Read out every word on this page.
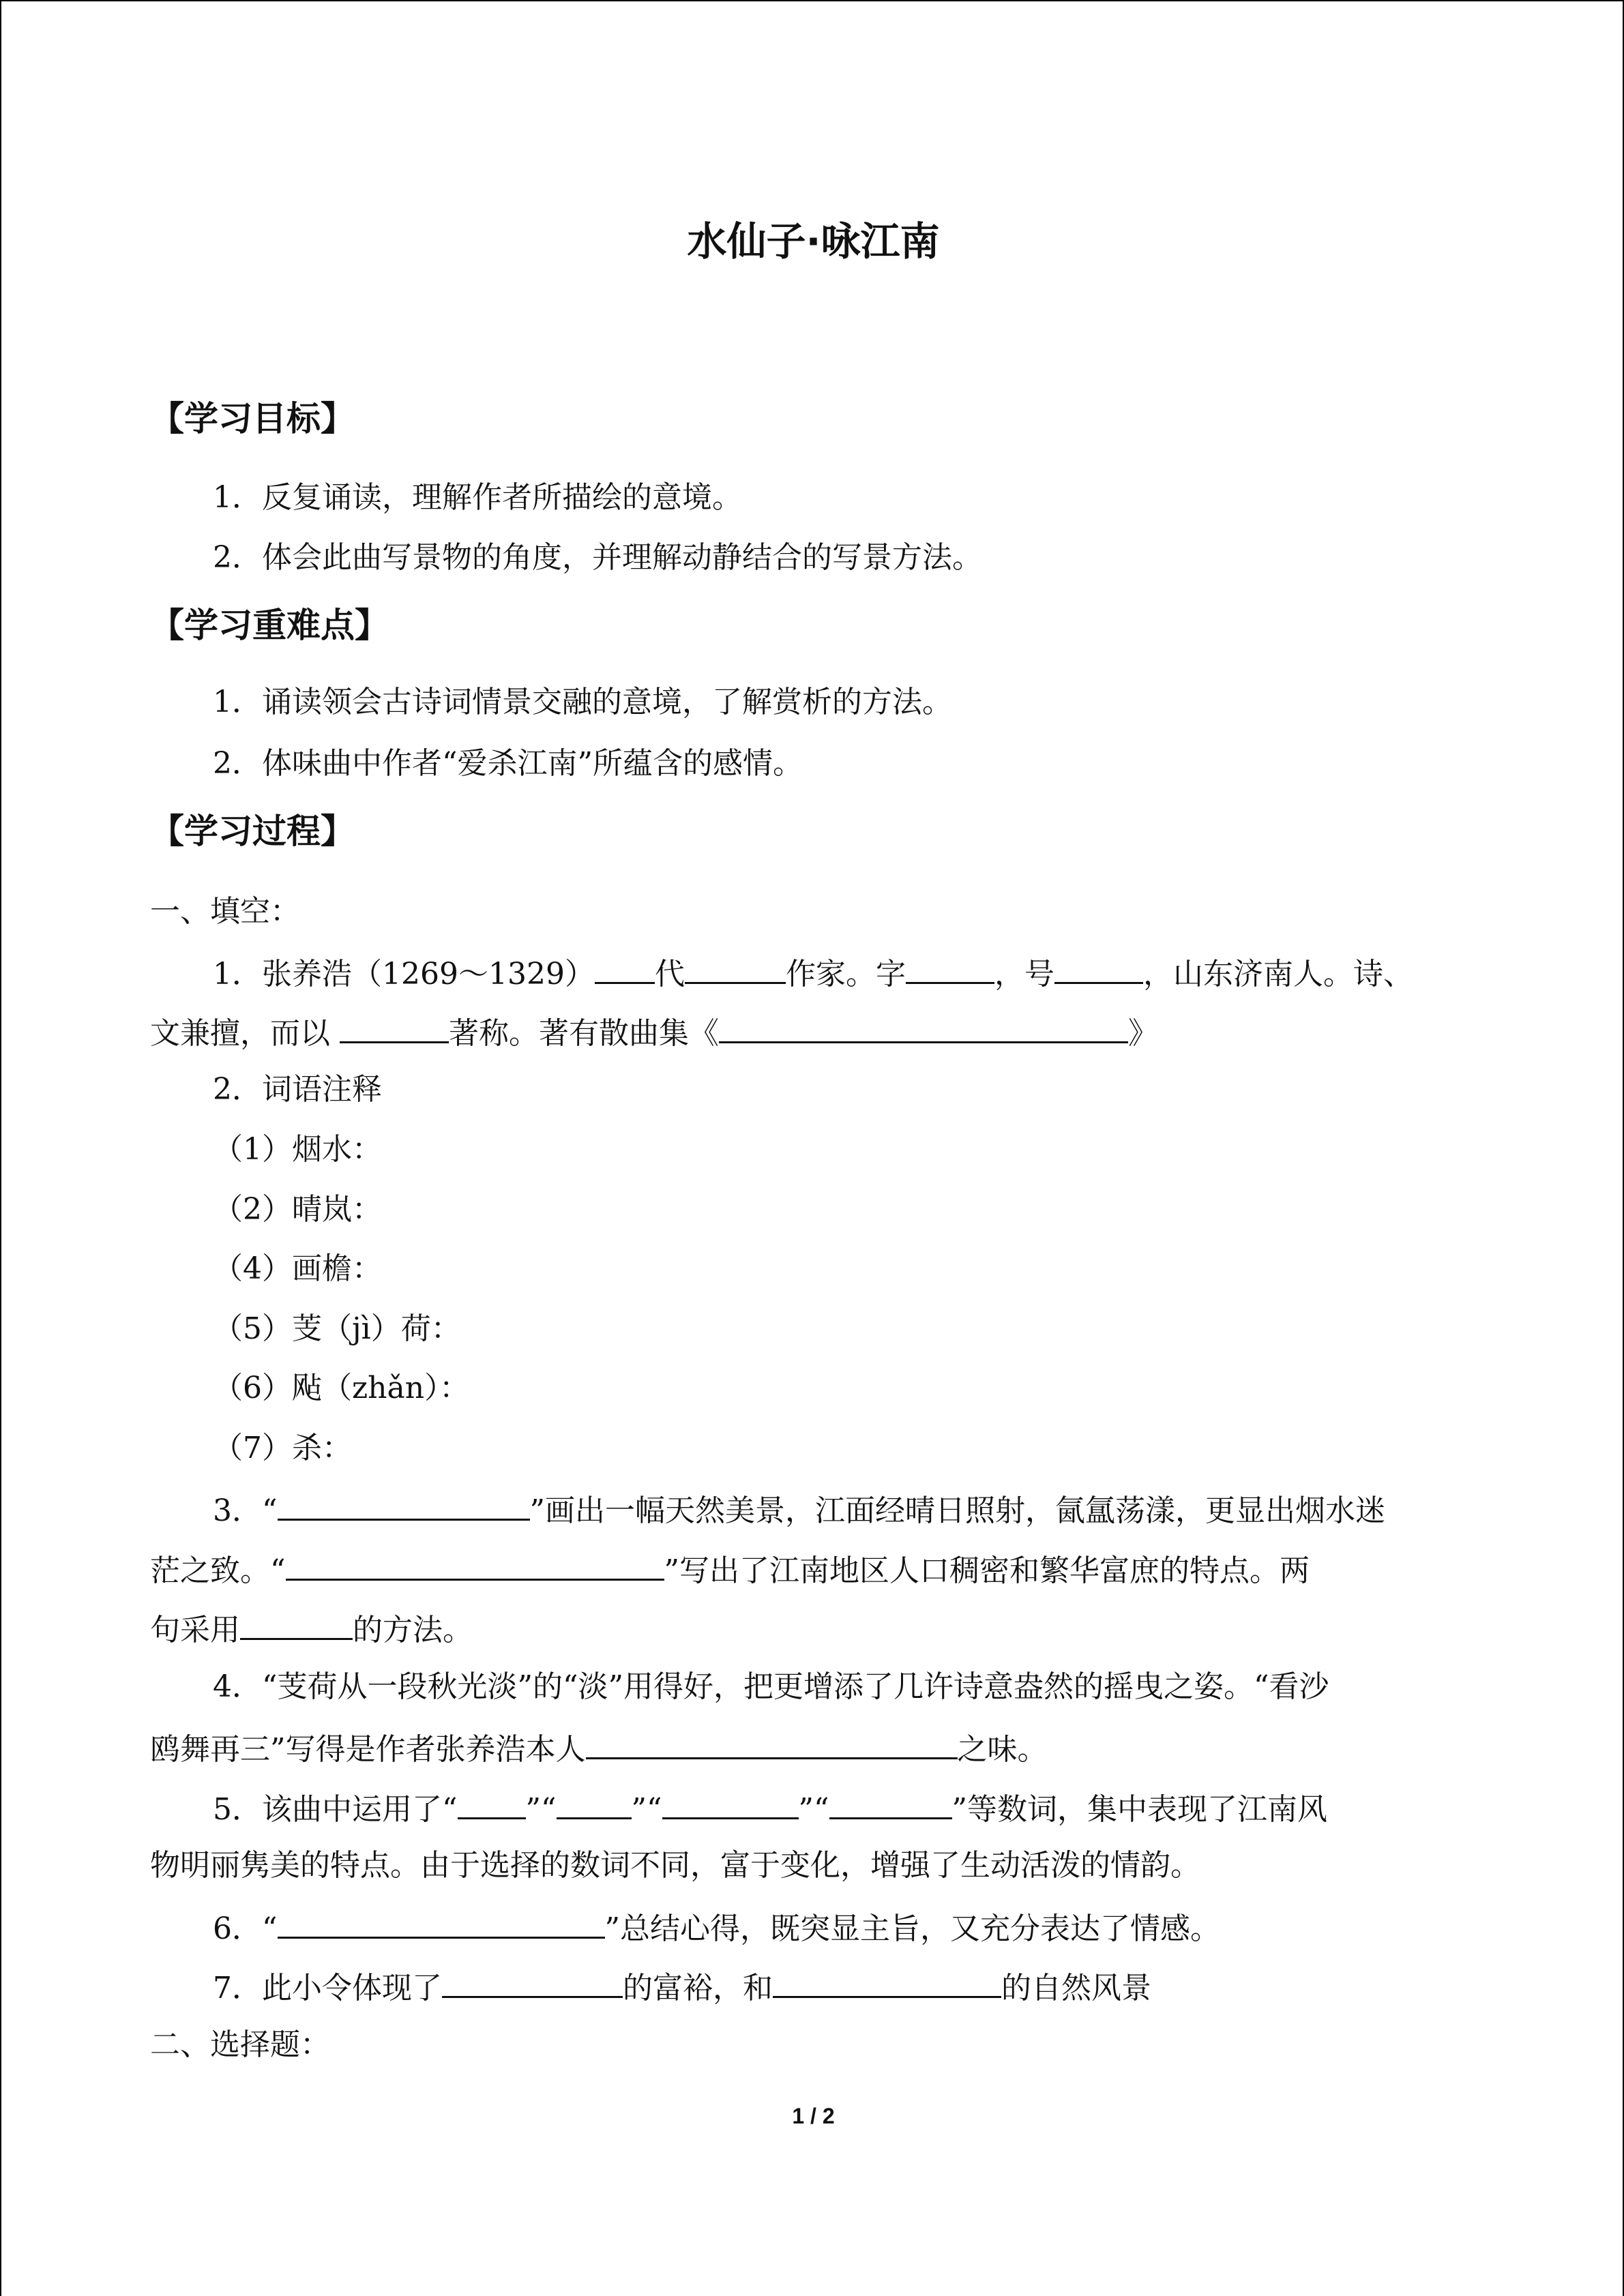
水仙子·咏江南
【学习目标】
1．反复诵读，理解作者所描绘的意境。
2．体会此曲写景物的角度，并理解动静结合的写景方法。
【学习重难点】
1．诵读领会古诗词情景交融的意境，了解赏析的方法。
2．体味曲中作者“爱杀江南”所蕴含的感情。
【学习过程】
一、填空：
1．张养浩（1269～1329） 代	作家。字	，号	，山东济南人。诗、
文兼擅，而以	著称。著有散曲集《	》
2．词语注释
（1）烟水：
（2）晴岚：
（4）画檐：
（5）芰（jì）荷：
（6）飐（zhǎn）：
（7）杀：
3．“	”画出一幅天然美景，江面经晴日照射，氤氲荡漾，更显出烟水迷
茫之致。“	”写出了江南地区人口稠密和繁华富庶的特点。两
句采用	的方法。
4．“芰荷从一段秋光淡”的“淡”用得好，把更增添了几许诗意盎然的摇曳之姿。“看沙
鸥舞再三”写得是作者张养浩本人	之味。
5．该曲中运用了“ ”“	”“	”“	”等数词，集中表现了江南风
物明丽隽美的特点。由于选择的数词不同，富于变化，增强了生动活泼的情韵。
6．“	”总结心得，既突显主旨，又充分表达了情感。
7．此小令体现了	的富裕，和	的自然风景
二、选择题：
1 / 2
